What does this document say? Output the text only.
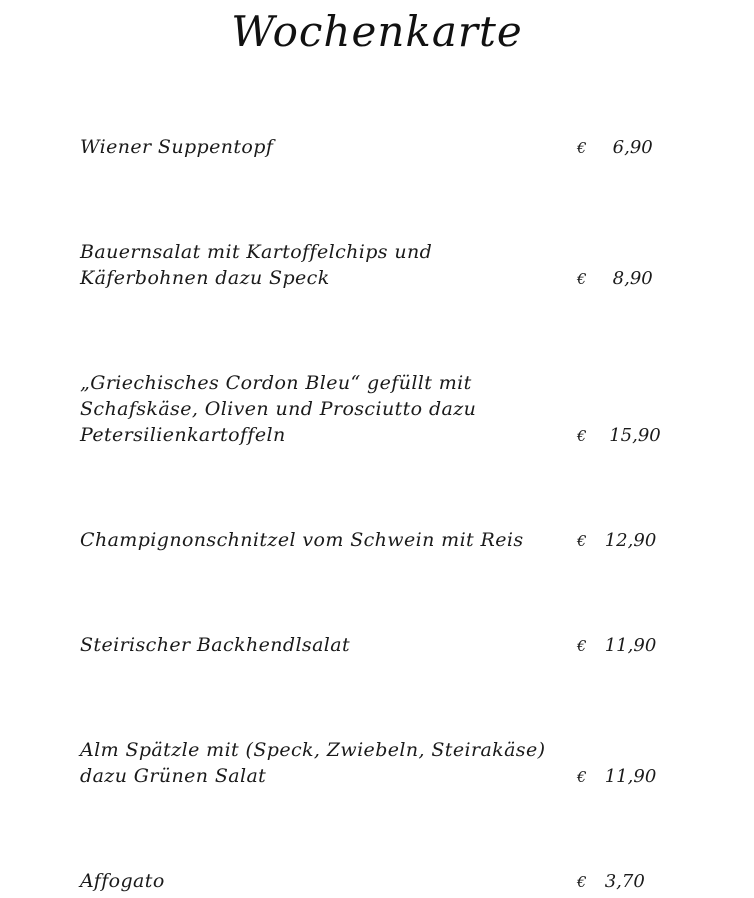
Wochenkarte
Wiener Suppentopf	€ 6,90
Bauernsalat mit Kartoffelchips und
Käferbohnen dazu Speck	€ 8,90
„Griechisches Cordon Bleu“ gefüllt mit
Schafskäse, Oliven und Prosciutto dazu
Petersilienkartoffeln	€ 15,90
Champignonschnitzel vom Schwein mit Reis	€ 12,90
Steirischer Backhendlsalat	€ 11,90
Alm Spätzle mit (Speck, Zwiebeln, Steirakäse)
dazu Grünen Salat	€ 11,90
Affogato	€ 3,70
